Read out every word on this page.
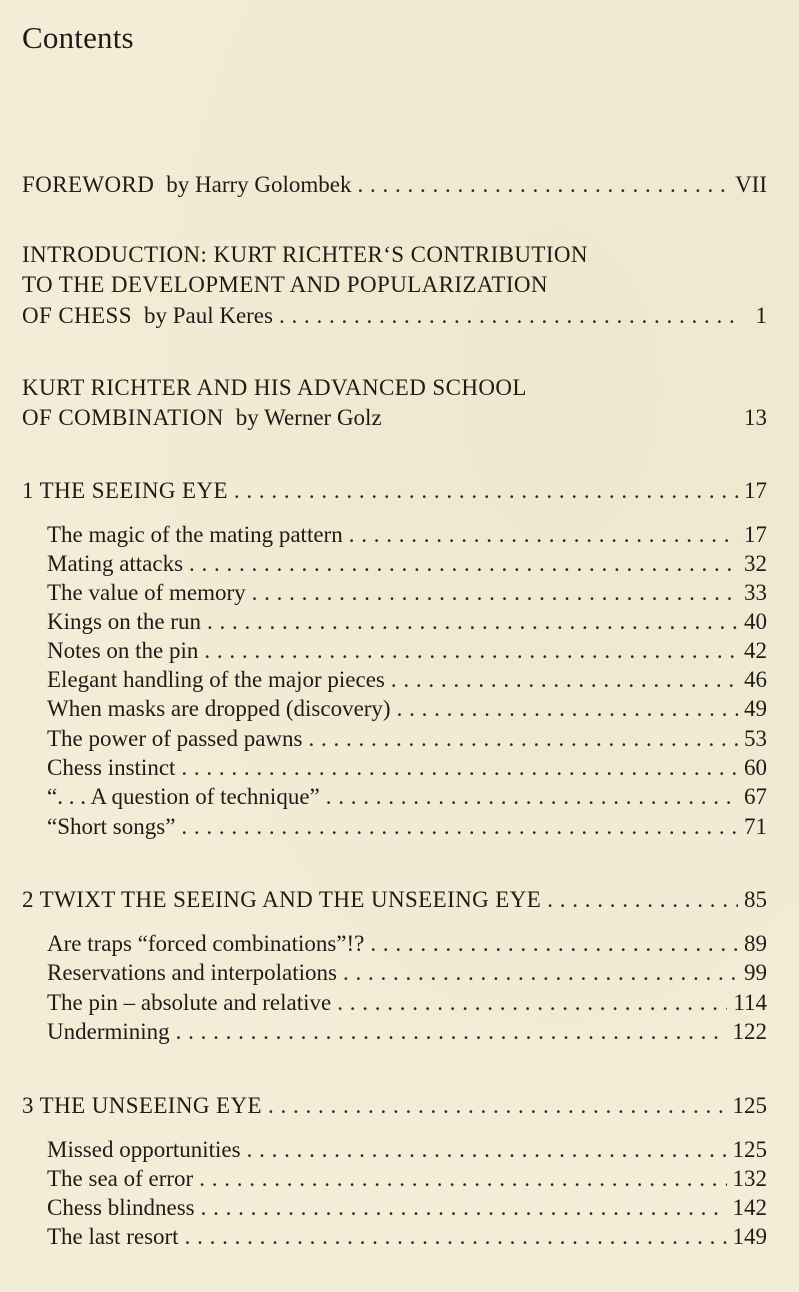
Contents
FOREWORD by Harry Golombek . . .	VII
INTRODUCTION: KURT RICHTER‘S CONTRIBUTION
TO THE DEVELOPMENT AND POPULARIZATION
OF CHESS by Paul Keres . . .	1
KURT RICHTER AND HIS ADVANCED SCHOOL
OF COMBINATION by Werner Golz	13
1 THE SEEING EYE . . .	17
The magic of the mating pattern . . .	17
Mating attacks . . .	32
The value of memory . . .	33
Kings on the run . . .	40
Notes on the pin . . .	42
Elegant handling of the major pieces . . .	46
When masks are dropped (discovery) . . .	49
The power of passed pawns . . .	53
Chess instinct . . .	60
“. . . A question of technique” . . .	67
“Short songs” . . .	71
2 TWIXT THE SEEING AND THE UNSEEING EYE . . .	85
Are traps “forced combinations”!? . . .	89
Reservations and interpolations . . .	99
The pin – absolute and relative . . .	114
Undermining . . .	122
3 THE UNSEEING EYE . . .	125
Missed opportunities . . .	125
The sea of error . . .	132
Chess blindness . . .	142
The last resort . . .	149
